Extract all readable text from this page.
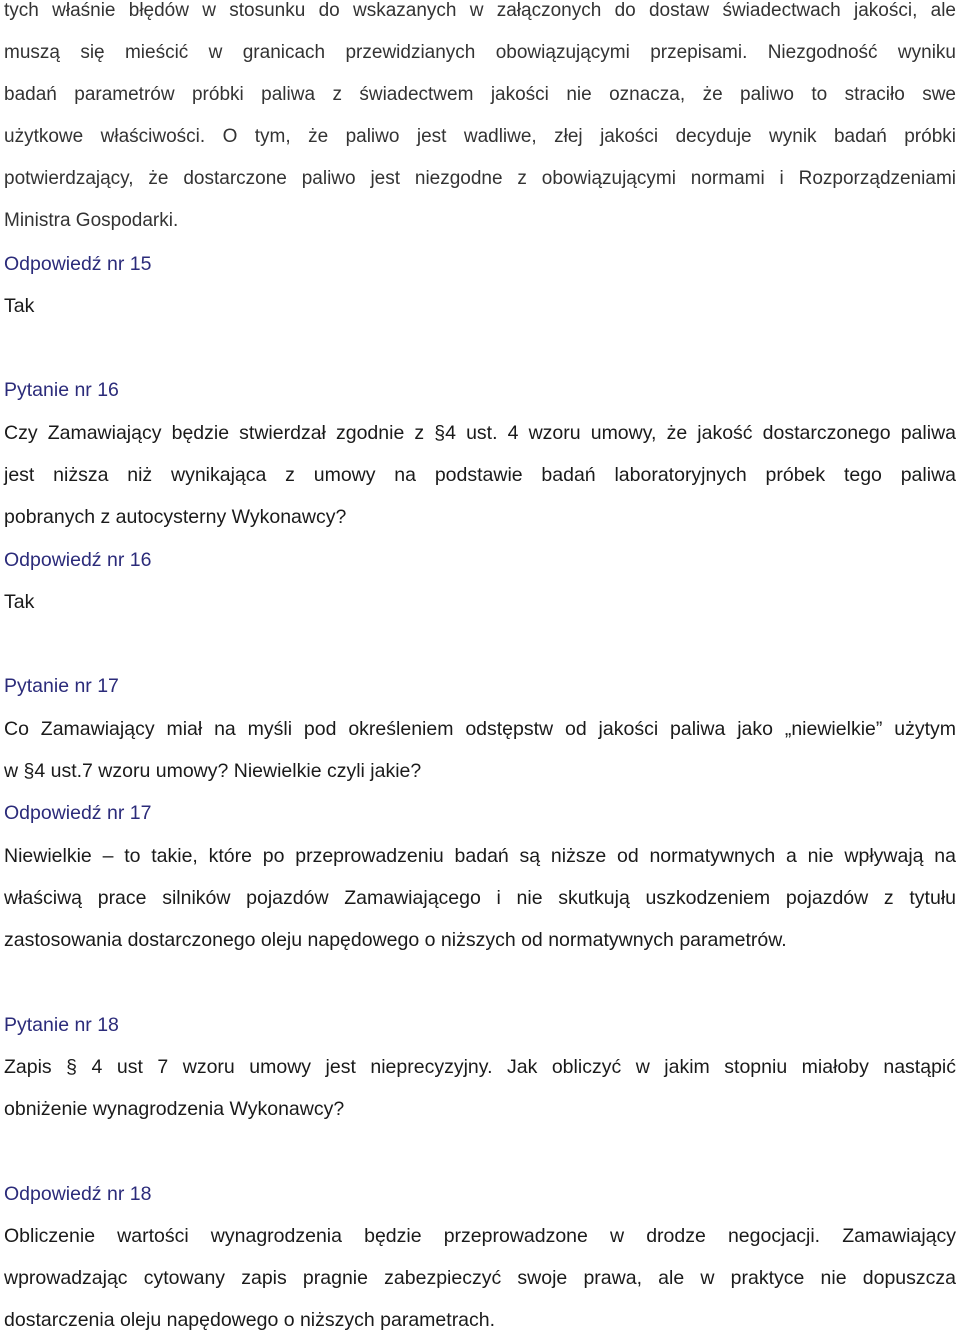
tych właśnie błędów w stosunku do wskazanych w załączonych do dostaw świadectwach jakości, ale
muszą się mieścić w granicach przewidzianych obowiązującymi przepisami. Niezgodność wyniku
badań parametrów próbki paliwa z świadectwem jakości nie oznacza, że paliwo to straciło swe
użytkowe właściwości. O tym, że paliwo jest wadliwe, złej jakości decyduje wynik badań próbki
potwierdzający, że dostarczone paliwo jest niezgodne z obowiązującymi normami i Rozporządzeniami
Ministra Gospodarki.
Odpowiedź nr 15
Tak
Pytanie nr 16
Czy Zamawiający będzie stwierdzał zgodnie z §4 ust. 4 wzoru umowy, że jakość dostarczonego paliwa
jest niższa niż wynikająca z umowy na podstawie badań laboratoryjnych próbek tego paliwa
pobranych z autocysterny Wykonawcy?
Odpowiedź nr 16
Tak
Pytanie nr 17
Co Zamawiający miał na myśli pod określeniem odstępstw od jakości paliwa jako „niewielkie” użytym
w §4 ust.7 wzoru umowy? Niewielkie czyli jakie?
Odpowiedź nr 17
Niewielkie – to takie, które po przeprowadzeniu badań są niższe od normatywnych a nie wpływają na
właściwą prace silników pojazdów Zamawiającego i nie skutkują uszkodzeniem pojazdów z tytułu
zastosowania dostarczonego oleju napędowego o niższych od normatywnych parametrów.
Pytanie nr 18
Zapis § 4 ust 7 wzoru umowy jest nieprecyzyjny. Jak obliczyć w jakim stopniu miałoby nastąpić
obniżenie wynagrodzenia Wykonawcy?
Odpowiedź nr 18
Obliczenie wartości wynagrodzenia będzie przeprowadzone w drodze negocjacji. Zamawiający
wprowadzając cytowany zapis pragnie zabezpieczyć swoje prawa, ale w praktyce nie dopuszcza
dostarczenia oleju napędowego o niższych parametrach.
